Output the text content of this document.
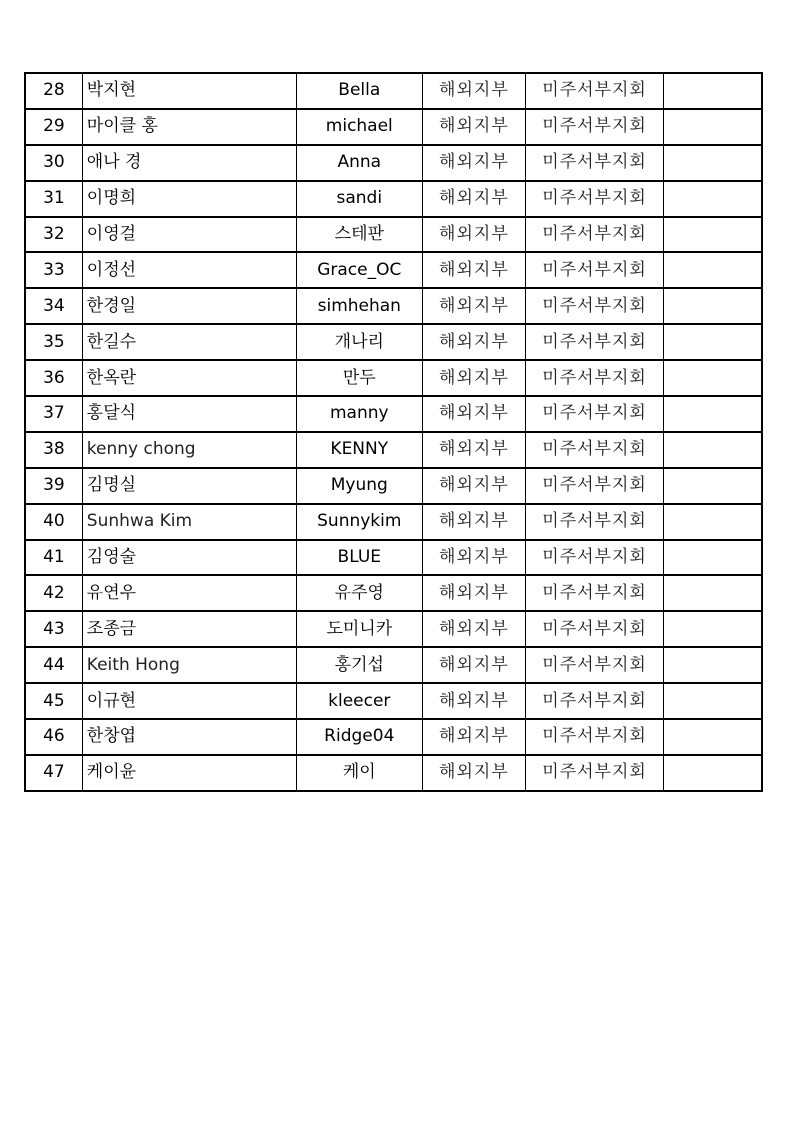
28	박지현	Bella	해외지부	미주서부지회	
29	마이클 홍	michael	해외지부	미주서부지회	
30	애나 경	Anna	해외지부	미주서부지회	
31	이명희	sandi	해외지부	미주서부지회	
32	이영걸	스테판	해외지부	미주서부지회	
33	이정선	Grace_OC	해외지부	미주서부지회	
34	한경일	simhehan	해외지부	미주서부지회	
35	한길수	개나리	해외지부	미주서부지회	
36	한옥란	만두	해외지부	미주서부지회	
37	홍달식	manny	해외지부	미주서부지회	
38	kenny chong	KENNY	해외지부	미주서부지회	
39	김명실	Myung	해외지부	미주서부지회	
40	Sunhwa Kim	Sunnykim	해외지부	미주서부지회	
41	김영술	BLUE	해외지부	미주서부지회	
42	유연우	유주영	해외지부	미주서부지회	
43	조종금	도미니카	해외지부	미주서부지회	
44	Keith Hong	홍기섭	해외지부	미주서부지회	
45	이규현	kleecer	해외지부	미주서부지회	
46	한창엽	Ridge04	해외지부	미주서부지회	
47	케이윤	케이	해외지부	미주서부지회	
